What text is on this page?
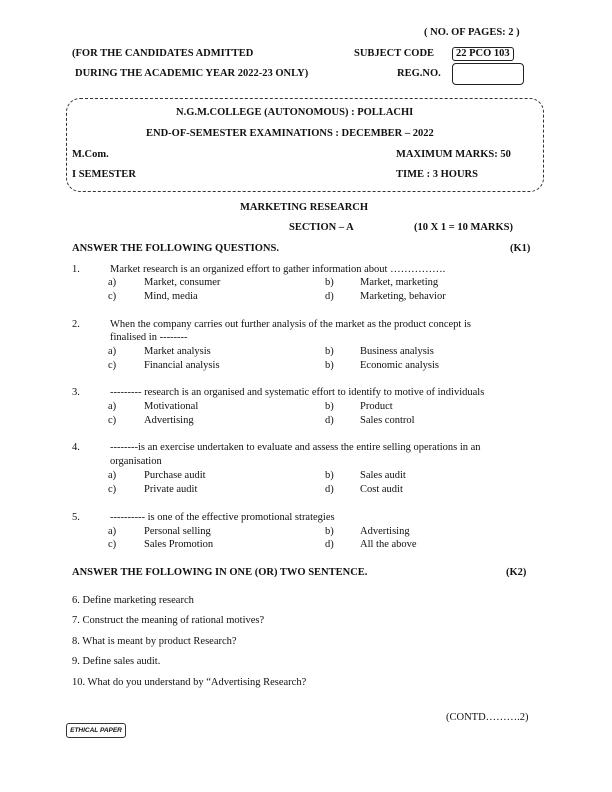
( NO. OF PAGES: 2 )
(FOR THE CANDIDATES ADMITTED	SUBJECT CODE	22 PCO 103
DURING THE ACADEMIC YEAR 2022-23 ONLY)	REG.NO.
N.G.M.COLLEGE (AUTONOMOUS) : POLLACHI
END-OF-SEMESTER EXAMINATIONS : DECEMBER – 2022
M.Com.	MAXIMUM MARKS: 50
I SEMESTER	TIME : 3 HOURS
MARKETING RESEARCH
SECTION – A	(10 X 1 = 10 MARKS)
ANSWER THE FOLLOWING QUESTIONS.	(K1)
1.	Market research is an organized effort to gather information about …………….
a)	Market, consumer	b)	Market, marketing
c)	Mind, media	d)	Marketing, behavior
2.	When the company carries out further analysis of the market as the product concept is
finalised in --------
a)	Market analysis	b)	Business analysis
c)	Financial analysis	b)	Economic analysis
3.	--------- research is an organised and systematic effort to identify to motive of individuals
a)	Motivational	b)	Product
c)	Advertising	d)	Sales control
4.	--------is an exercise undertaken to evaluate and assess the entire selling operations in an
organisation
a)	Purchase audit	b)	Sales audit
c)	Private audit	d)	Cost audit
5.	---------- is one of the effective promotional strategies
a)	Personal selling	b)	Advertising
c)	Sales Promotion	d)	All the above
ANSWER THE FOLLOWING IN ONE (OR) TWO SENTENCE.	(K2)
6. Define marketing research
7. Construct the meaning of rational motives?
8. What is meant by product Research?
9. Define sales audit.
10. What do you understand by “Advertising Research?
(CONTD……….2)
ETHICAL PAPER
